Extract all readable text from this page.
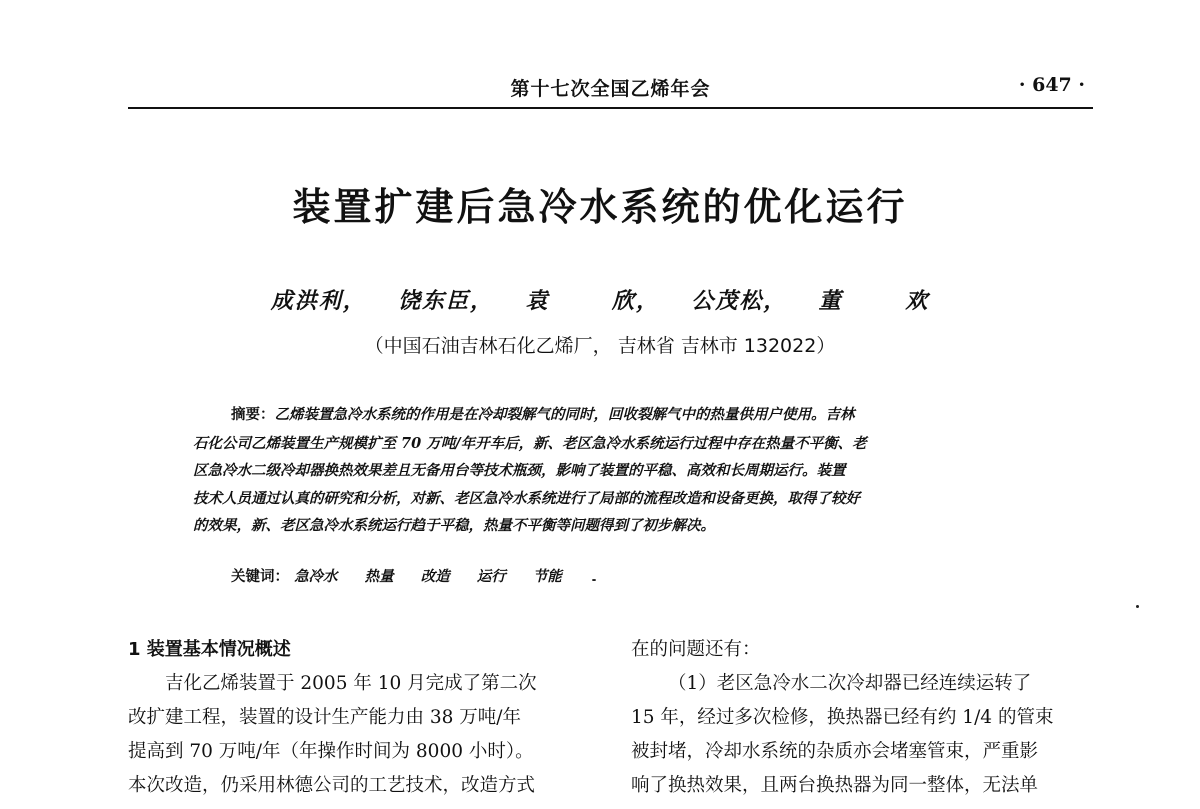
第十七次全国乙烯年会	· 647 ·
装置扩建后急冷水系统的优化运行
成洪利，  饶东臣，  袁    欣，  公茂松，  董    欢
（中国石油吉林石化乙烯厂， 吉林省 吉林市 132022）
摘要：乙烯装置急冷水系统的作用是在冷却裂解气的同时，回收裂解气中的热量供用户使用。吉林
石化公司乙烯装置生产规模扩至 70 万吨/年开车后，新、老区急冷水系统运行过程中存在热量不平衡、老
区急冷水二级冷却器换热效果差且无备用台等技术瓶颈，影响了装置的平稳、高效和长周期运行。装置
技术人员通过认真的研究和分析，对新、老区急冷水系统进行了局部的流程改造和设备更换，取得了较好
的效果，新、老区急冷水系统运行趋于平稳，热量不平衡等问题得到了初步解决。
关键词： 急冷水 热量 改造 运行 节能
1 装置基本情况概述
吉化乙烯装置于 2005 年 10 月完成了第二次
改扩建工程，装置的设计生产能力由 38 万吨/年
提高到 70 万吨/年（年操作时间为 8000 小时）。
本次改造，仍采用林德公司的工艺技术，改造方式
在的问题还有：
（1）老区急冷水二次冷却器已经连续运转了
15 年，经过多次检修，换热器已经有约 1/4 的管束
被封堵，冷却水系统的杂质亦会堵塞管束，严重影
响了换热效果，且两台换热器为同一整体，无法单
